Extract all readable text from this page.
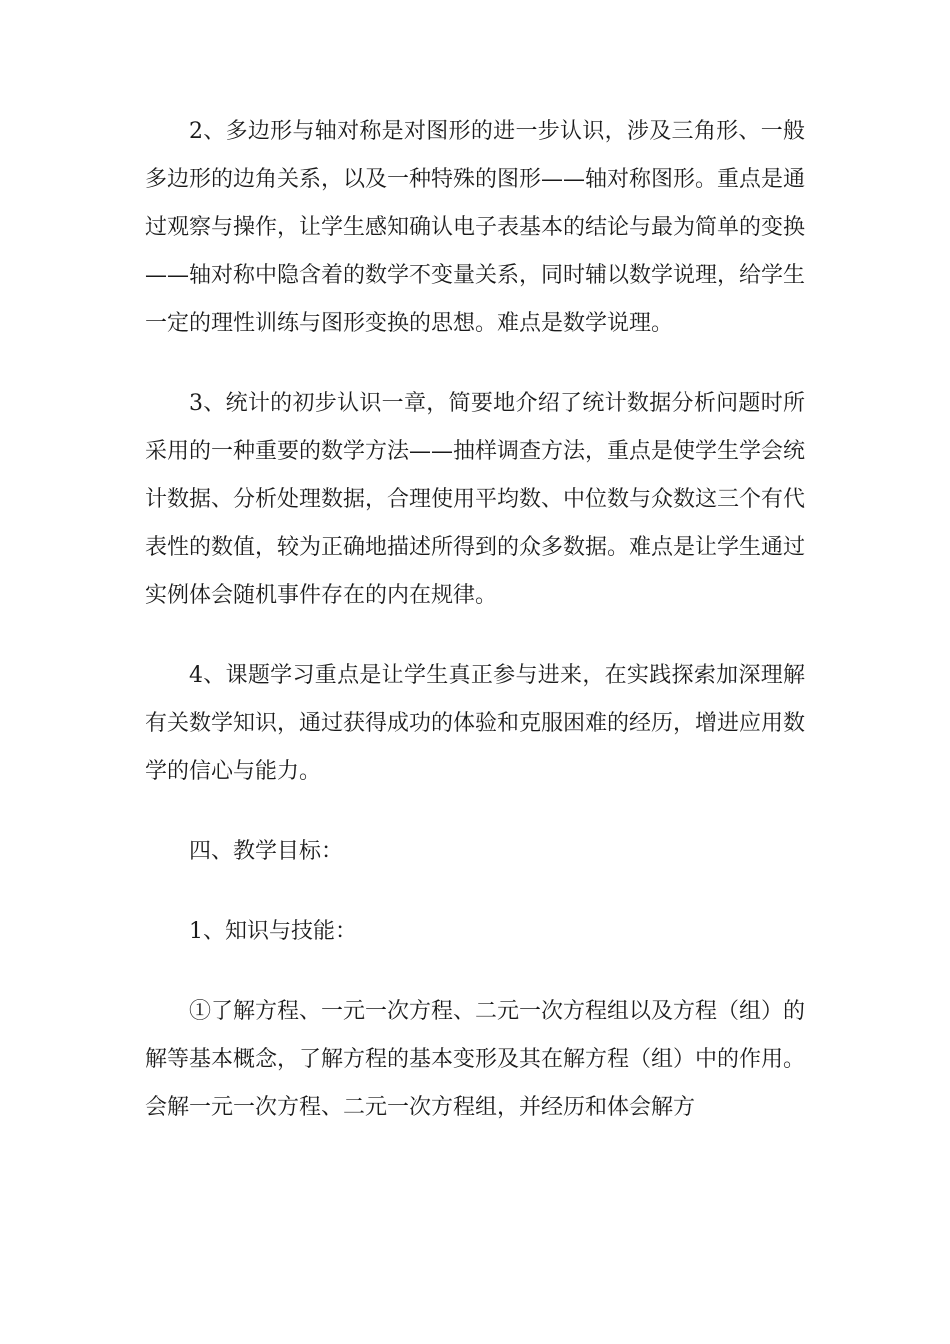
2、多边形与轴对称是对图形的进一步认识，涉及三角形、一般多边形的边角关系，以及一种特殊的图形——轴对称图形。重点是通过观察与操作，让学生感知确认电子表基本的结论与最为简单的变换——轴对称中隐含着的数学不变量关系，同时辅以数学说理，给学生一定的理性训练与图形变换的思想。难点是数学说理。

3、统计的初步认识一章，简要地介绍了统计数据分析问题时所采用的一种重要的数学方法——抽样调查方法，重点是使学生学会统计数据、分析处理数据，合理使用平均数、中位数与众数这三个有代表性的数值，较为正确地描述所得到的众多数据。难点是让学生通过实例体会随机事件存在的内在规律。

4、课题学习重点是让学生真正参与进来，在实践探索加深理解有关数学知识，通过获得成功的体验和克服困难的经历，增进应用数学的信心与能力。

四、教学目标：

1、知识与技能：

①了解方程、一元一次方程、二元一次方程组以及方程（组）的解等基本概念，了解方程的基本变形及其在解方程（组）中的作用。会解一元一次方程、二元一次方程组，并经历和体会解方
